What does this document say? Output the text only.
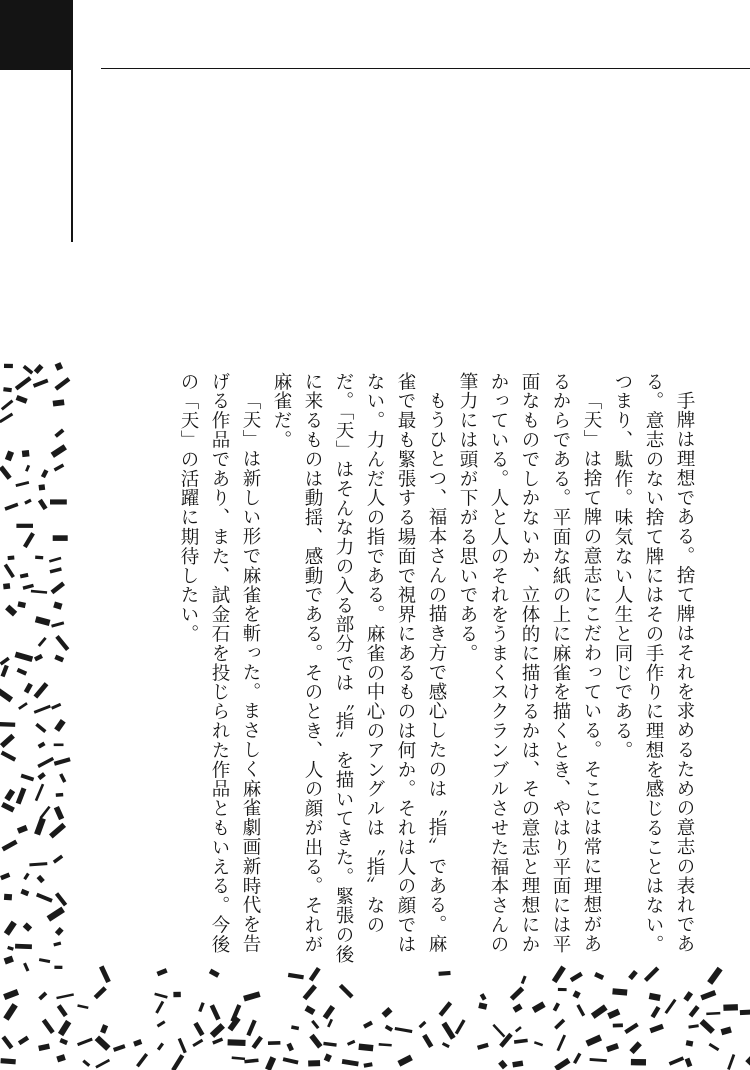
手牌は理想である。捨て牌はそれを求めるための意志の表れである。意志のない捨て牌にはその手作りに理想を感じることはない。つまり、駄作。味気ない人生と同じである。

「天」は捨て牌の意志にこだわっている。そこには常に理想があるからである。平面な紙の上に麻雀を描くとき、やはり平面には平面なものでしかないか、立体的に描けるかは、その意志と理想にかかっている。人と人のそれをうまくスクランブルさせた福本さんの筆力には頭が下がる思いである。

もうひとつ、福本さんの描き方で感心したのは〝指〟である。麻雀で最も緊張する場面で視界にあるものは何か。それは人の顔ではない。力んだ人の指である。麻雀の中心のアングルは〝指〟なのだ。「天」はそんな力の入る部分では〝指〟を描いてきた。緊張の後に来るものは動揺、感動である。そのとき、人の顔が出る。それが麻雀だ。

「天」は新しい形で麻雀を斬った。まさしく麻雀劇画新時代を告げる作品であり、また、試金石を投じられた作品ともいえる。今後の「天」の活躍に期待したい。
